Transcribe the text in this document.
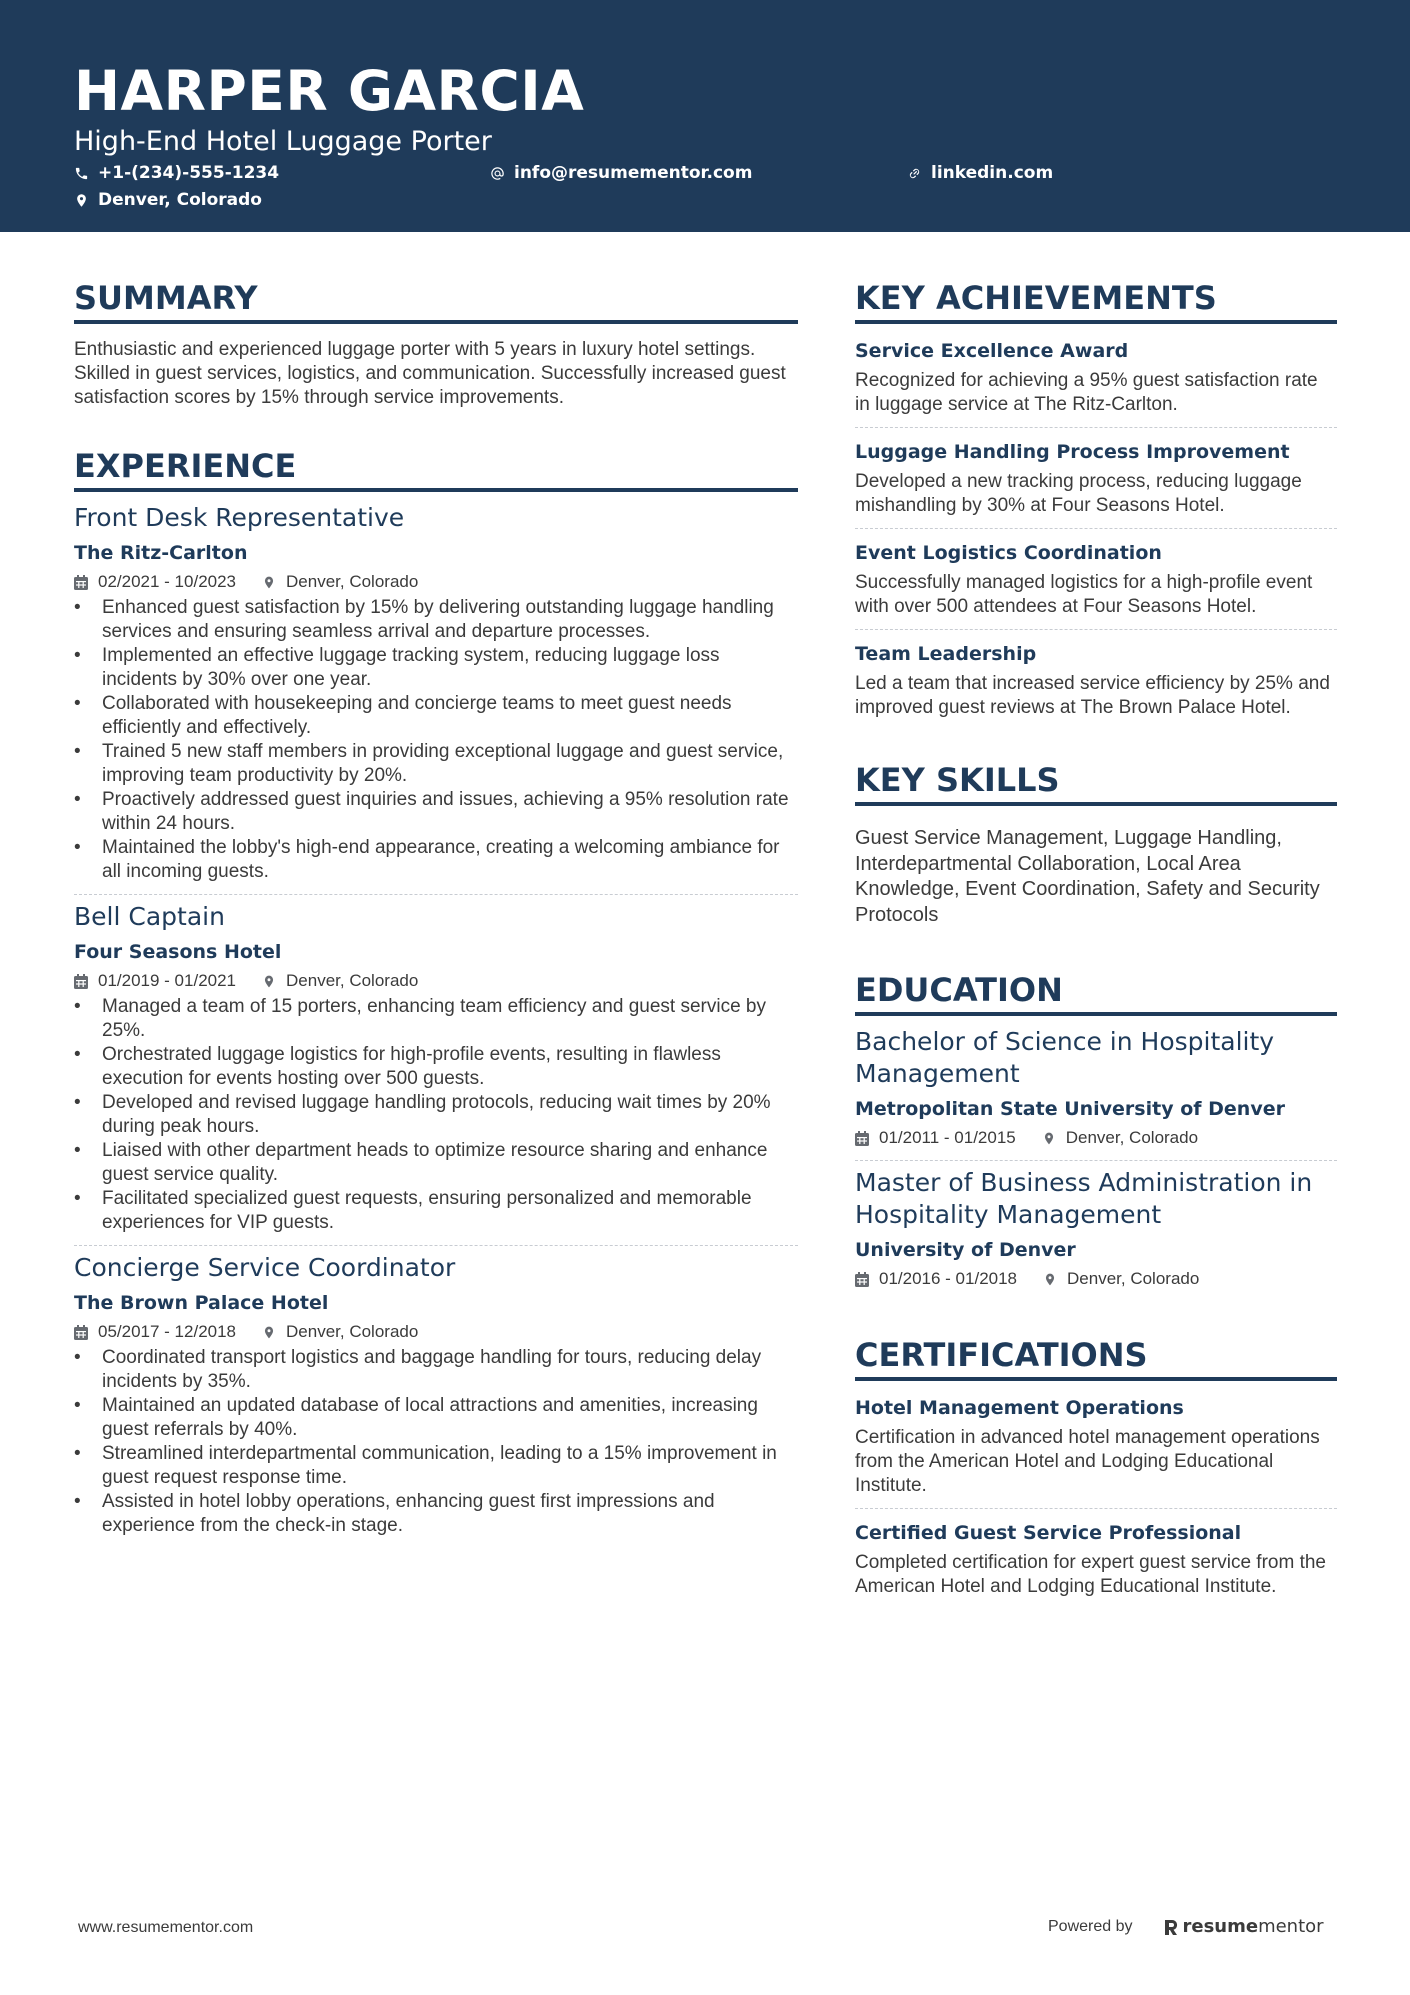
HARPER GARCIA
High-End Hotel Luggage Porter
+1-(234)-555-1234	info@resumementor.com	linkedin.com
Denver, Colorado
SUMMARY
Enthusiastic and experienced luggage porter with 5 years in luxury hotel settings. Skilled in guest services, logistics, and communication. Successfully increased guest satisfaction scores by 15% through service improvements.
EXPERIENCE
Front Desk Representative
The Ritz-Carlton
02/2021 - 10/2023	Denver, Colorado
• Enhanced guest satisfaction by 15% by delivering outstanding luggage handling services and ensuring seamless arrival and departure processes.
• Implemented an effective luggage tracking system, reducing luggage loss incidents by 30% over one year.
• Collaborated with housekeeping and concierge teams to meet guest needs efficiently and effectively.
• Trained 5 new staff members in providing exceptional luggage and guest service, improving team productivity by 20%.
• Proactively addressed guest inquiries and issues, achieving a 95% resolution rate within 24 hours.
• Maintained the lobby's high-end appearance, creating a welcoming ambiance for all incoming guests.
Bell Captain
Four Seasons Hotel
01/2019 - 01/2021	Denver, Colorado
• Managed a team of 15 porters, enhancing team efficiency and guest service by 25%.
• Orchestrated luggage logistics for high-profile events, resulting in flawless execution for events hosting over 500 guests.
• Developed and revised luggage handling protocols, reducing wait times by 20% during peak hours.
• Liaised with other department heads to optimize resource sharing and enhance guest service quality.
• Facilitated specialized guest requests, ensuring personalized and memorable experiences for VIP guests.
Concierge Service Coordinator
The Brown Palace Hotel
05/2017 - 12/2018	Denver, Colorado
• Coordinated transport logistics and baggage handling for tours, reducing delay incidents by 35%.
• Maintained an updated database of local attractions and amenities, increasing guest referrals by 40%.
• Streamlined interdepartmental communication, leading to a 15% improvement in guest request response time.
• Assisted in hotel lobby operations, enhancing guest first impressions and experience from the check-in stage.
KEY ACHIEVEMENTS
Service Excellence Award
Recognized for achieving a 95% guest satisfaction rate in luggage service at The Ritz-Carlton.
Luggage Handling Process Improvement
Developed a new tracking process, reducing luggage mishandling by 30% at Four Seasons Hotel.
Event Logistics Coordination
Successfully managed logistics for a high-profile event with over 500 attendees at Four Seasons Hotel.
Team Leadership
Led a team that increased service efficiency by 25% and improved guest reviews at The Brown Palace Hotel.
KEY SKILLS
Guest Service Management, Luggage Handling, Interdepartmental Collaboration, Local Area Knowledge, Event Coordination, Safety and Security Protocols
EDUCATION
Bachelor of Science in Hospitality Management
Metropolitan State University of Denver
01/2011 - 01/2015	Denver, Colorado
Master of Business Administration in Hospitality Management
University of Denver
01/2016 - 01/2018	Denver, Colorado
CERTIFICATIONS
Hotel Management Operations
Certification in advanced hotel management operations from the American Hotel and Lodging Educational Institute.
Certified Guest Service Professional
Completed certification for expert guest service from the American Hotel and Lodging Educational Institute.
www.resumementor.com	Powered by	resume mentor
